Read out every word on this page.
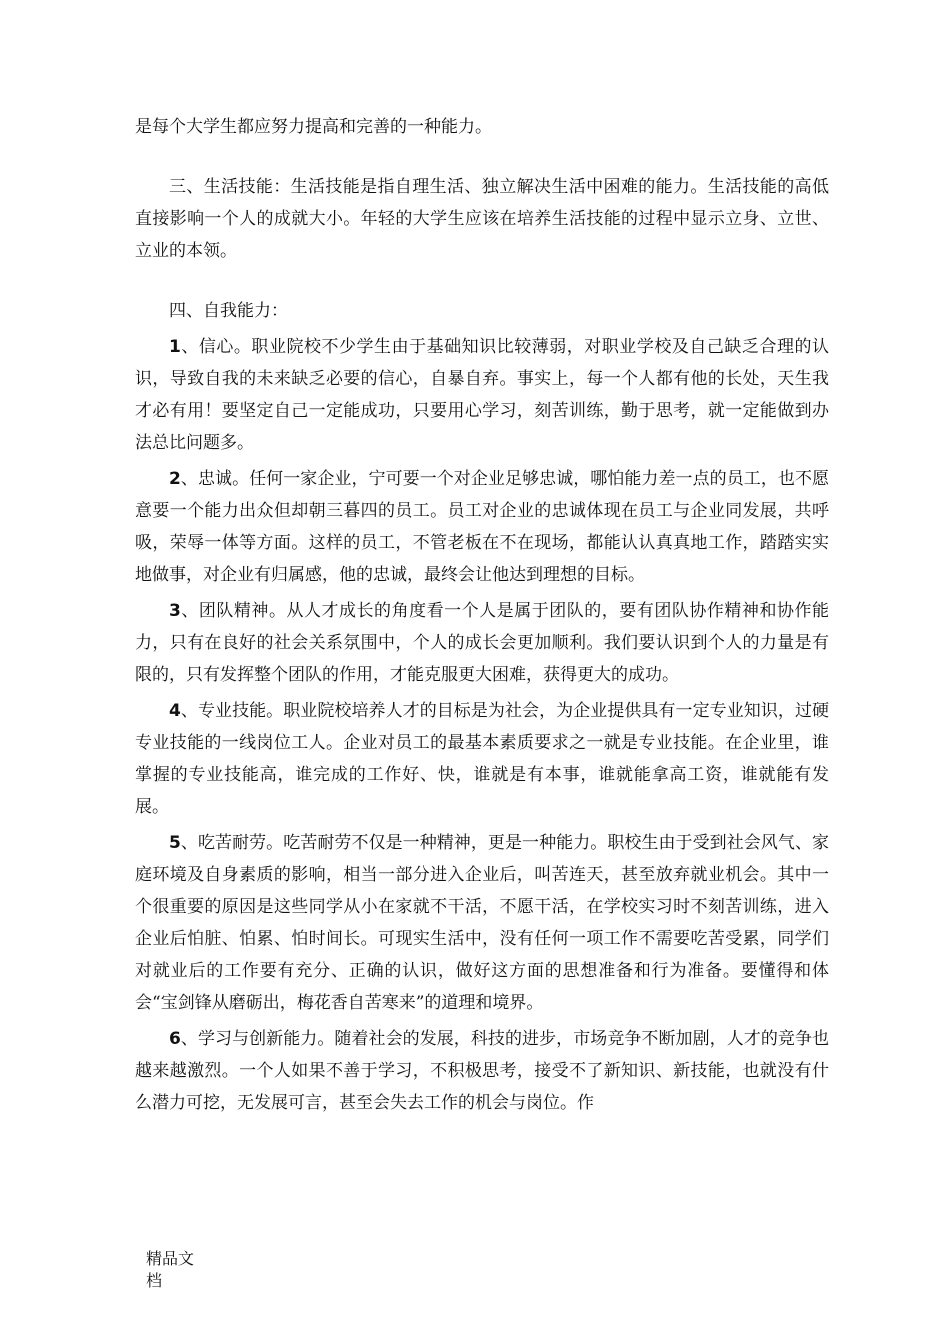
是每个大学生都应努力提高和完善的一种能力。

三、生活技能：生活技能是指自理生活、独立解决生活中困难的能力。生活技能的高低直接影响一个人的成就大小。年轻的大学生应该在培养生活技能的过程中显示立身、立世、立业的本领。

四、自我能力：

1、信心。职业院校不少学生由于基础知识比较薄弱，对职业学校及自己缺乏合理的认识，导致自我的未来缺乏必要的信心，自暴自弃。事实上，每一个人都有他的长处，天生我才必有用！要坚定自己一定能成功，只要用心学习，刻苦训练，勤于思考，就一定能做到办法总比问题多。

2、忠诚。任何一家企业，宁可要一个对企业足够忠诚，哪怕能力差一点的员工，也不愿意要一个能力出众但却朝三暮四的员工。员工对企业的忠诚体现在员工与企业同发展，共呼吸，荣辱一体等方面。这样的员工，不管老板在不在现场，都能认认真真地工作，踏踏实实地做事，对企业有归属感，他的忠诚，最终会让他达到理想的目标。

3、团队精神。从人才成长的角度看一个人是属于团队的，要有团队协作精神和协作能力，只有在良好的社会关系氛围中，个人的成长会更加顺利。我们要认识到个人的力量是有限的，只有发挥整个团队的作用，才能克服更大困难，获得更大的成功。

4、专业技能。职业院校培养人才的目标是为社会，为企业提供具有一定专业知识，过硬专业技能的一线岗位工人。企业对员工的最基本素质要求之一就是专业技能。在企业里，谁掌握的专业技能高，谁完成的工作好、快，谁就是有本事，谁就能拿高工资，谁就能有发展。

5、吃苦耐劳。吃苦耐劳不仅是一种精神，更是一种能力。职校生由于受到社会风气、家庭环境及自身素质的影响，相当一部分进入企业后，叫苦连天，甚至放弃就业机会。其中一个很重要的原因是这些同学从小在家就不干活，不愿干活，在学校实习时不刻苦训练，进入企业后怕脏、怕累、怕时间长。可现实生活中，没有任何一项工作不需要吃苦受累，同学们对就业后的工作要有充分、正确的认识，做好这方面的思想准备和行为准备。要懂得和体会“宝剑锋从磨砺出，梅花香自苦寒来”的道理和境界。

6、学习与创新能力。随着社会的发展，科技的进步，市场竞争不断加剧，人才的竞争也越来越激烈。一个人如果不善于学习，不积极思考，接受不了新知识、新技能，也就没有什么潜力可挖，无发展可言，甚至会失去工作的机会与岗位。作

精品文
档
